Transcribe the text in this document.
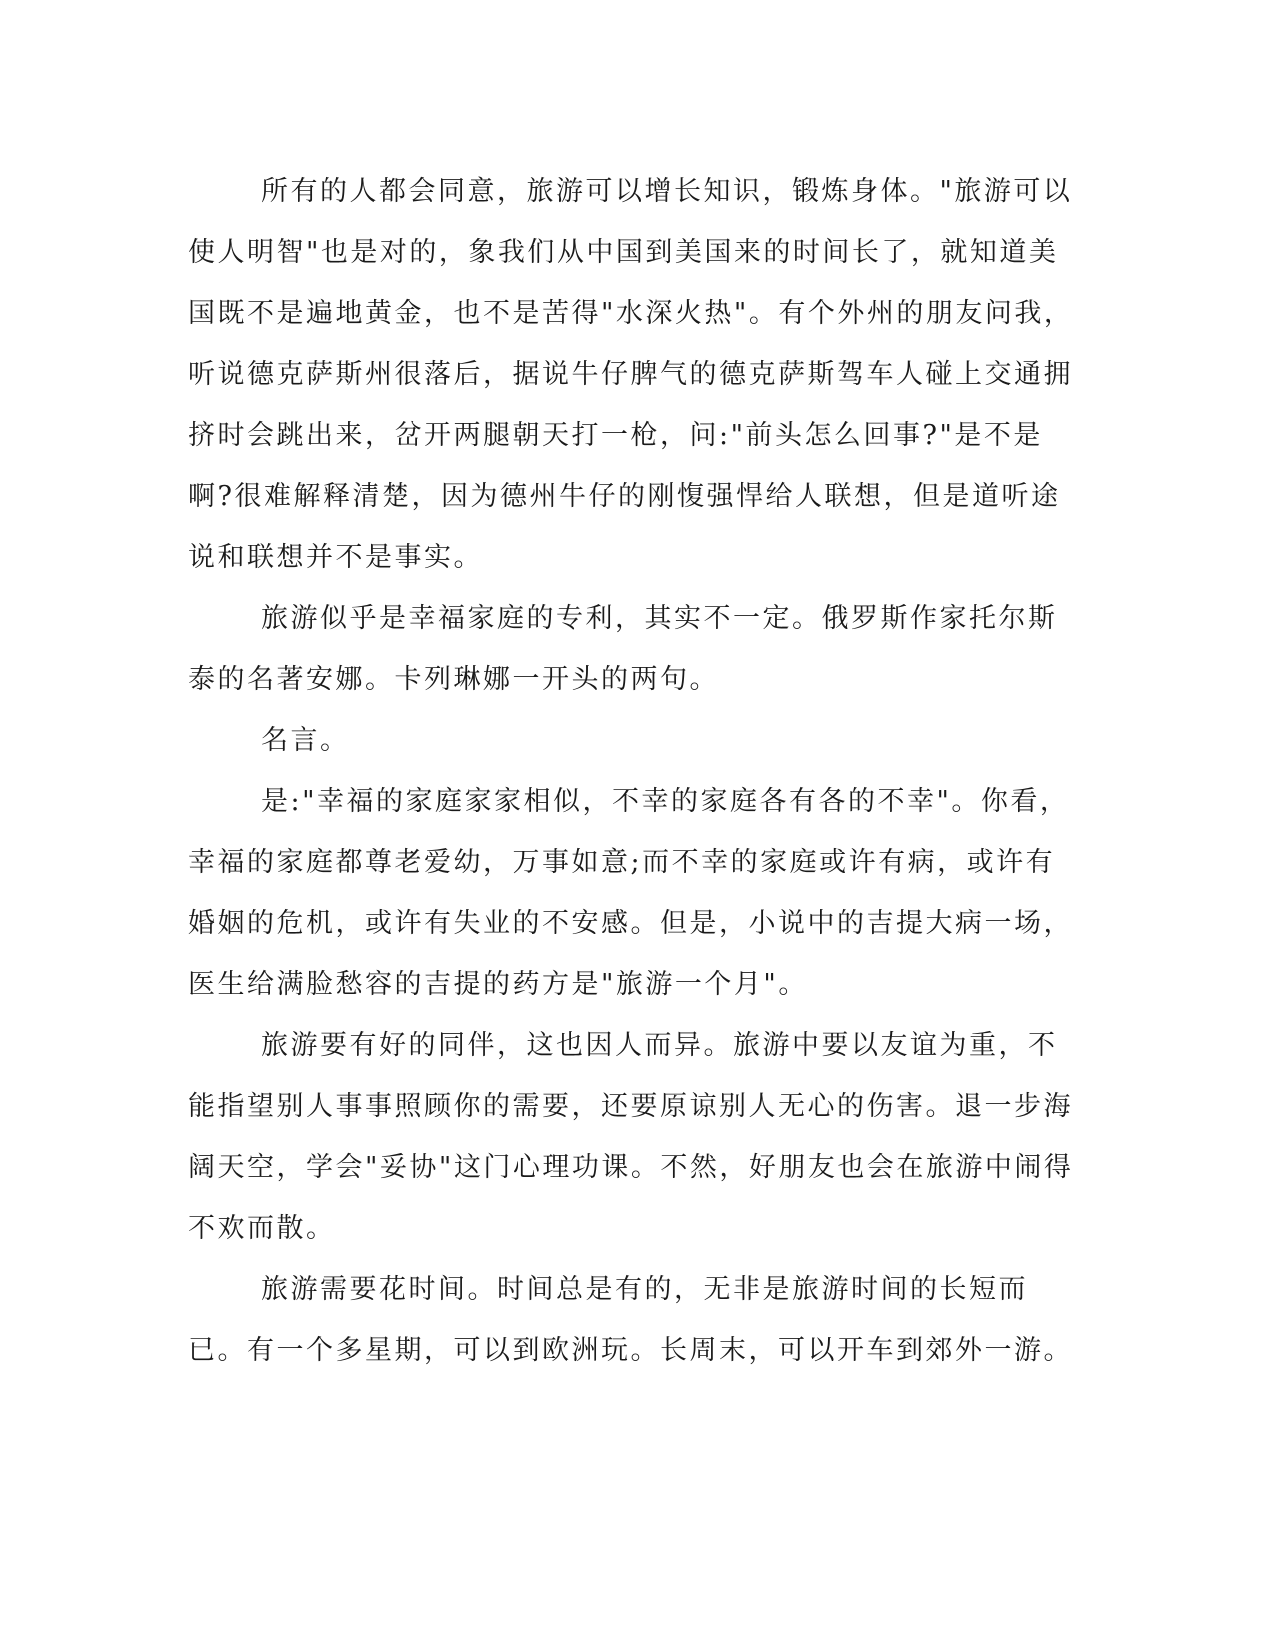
所有的人都会同意，旅游可以增长知识，锻炼身体。"旅游可以使人明智"也是对的，象我们从中国到美国来的时间长了，就知道美国既不是遍地黄金，也不是苦得"水深火热"。有个外州的朋友问我，听说德克萨斯州很落后，据说牛仔脾气的德克萨斯驾车人碰上交通拥挤时会跳出来，岔开两腿朝天打一枪，问:"前头怎么回事?"是不是啊?很难解释清楚，因为德州牛仔的刚愎强悍给人联想，但是道听途说和联想并不是事实。

旅游似乎是幸福家庭的专利，其实不一定。俄罗斯作家托尔斯泰的名著安娜。卡列琳娜一开头的两句。

名言。

是:"幸福的家庭家家相似，不幸的家庭各有各的不幸"。你看，幸福的家庭都尊老爱幼，万事如意;而不幸的家庭或许有病，或许有婚姻的危机，或许有失业的不安感。但是，小说中的吉提大病一场，医生给满脸愁容的吉提的药方是"旅游一个月"。

旅游要有好的同伴，这也因人而异。旅游中要以友谊为重，不能指望别人事事照顾你的需要，还要原谅别人无心的伤害。退一步海阔天空，学会"妥协"这门心理功课。不然，好朋友也会在旅游中闹得不欢而散。

旅游需要花时间。时间总是有的，无非是旅游时间的长短而已。有一个多星期，可以到欧洲玩。长周末，可以开车到郊外一游。
